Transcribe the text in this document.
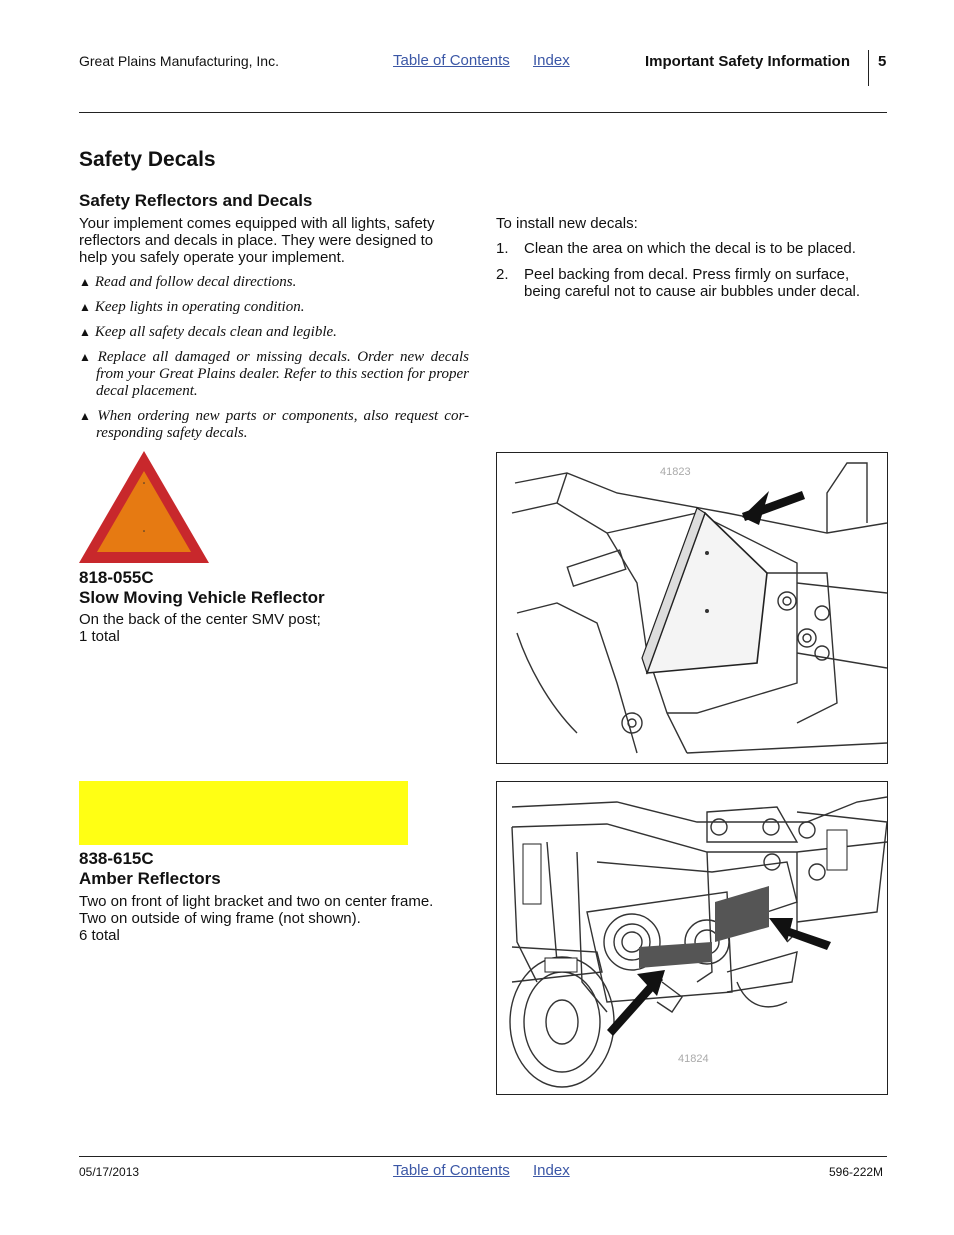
Great Plains Manufacturing, Inc.	Table of Contents Index	Important Safety Information 5
Safety Decals
Safety Reflectors and Decals
Your implement comes equipped with all lights, safety reflectors and decals in place. They were designed to help you safely operate your implement.
▲ Read and follow decal directions.
▲ Keep lights in operating condition.
▲ Keep all safety decals clean and legible.
▲ Replace all damaged or missing decals. Order new decals from your Great Plains dealer. Refer to this section for proper decal placement.
▲ When ordering new parts or components, also request cor-responding safety decals.
To install new decals:
1. Clean the area on which the decal is to be placed.
2. Peel backing from decal. Press firmly on surface, being careful not to cause air bubbles under decal.
818-055C
Slow Moving Vehicle Reflector
On the back of the center SMV post;
1 total
41823
838-615C
Amber Reflectors
Two on front of light bracket and two on center frame.
Two on outside of wing frame (not shown).
6 total
41824
05/17/2013	Table of Contents Index	596-222M
